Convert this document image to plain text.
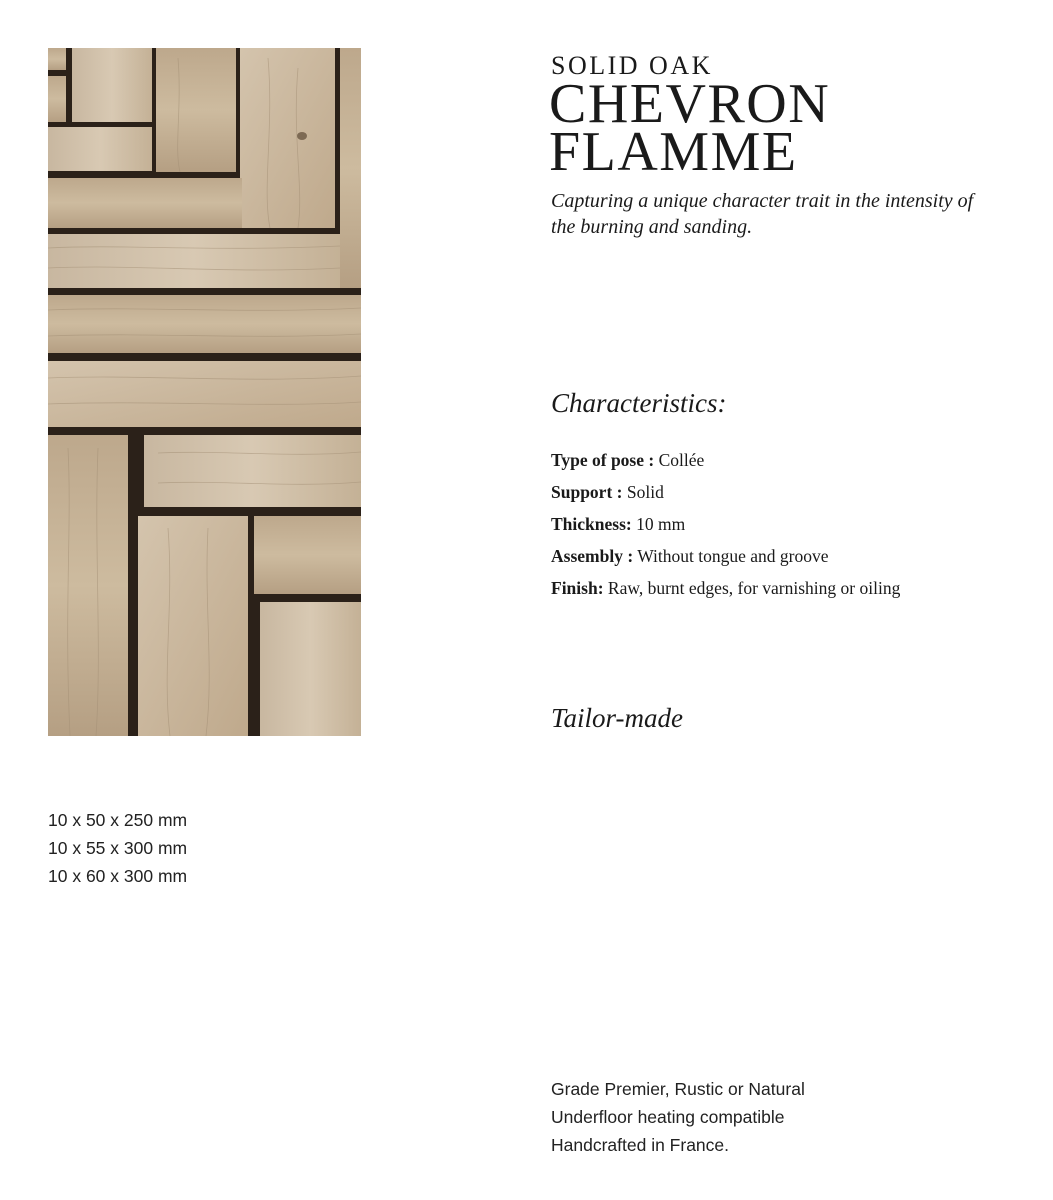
SOLID OAK
CHEVRON
FLAMME

Capturing a unique character trait in the intensity of the burning and sanding.

Characteristics:
Type of pose : Collée
Support : Solid
Thickness: 10 mm
Assembly : Without tongue and groove
Finish: Raw, burnt edges, for varnishing or oiling
Tailor-made
10 x 50 x 250 mm
10 x 55 x 300 mm
10 x 60 x 300 mm
Grade Premier, Rustic or Natural
Underfloor heating compatible
Handcrafted in France.
